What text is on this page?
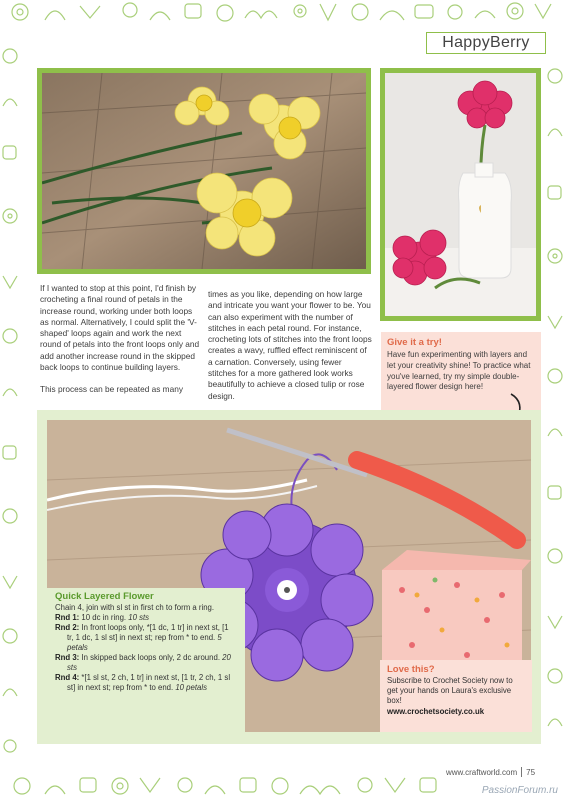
HappyBerry

If I wanted to stop at this point, I'd finish by crocheting a final round of petals in the increase round, working under both loops as normal. Alternatively, I could split the 'V-shaped' loops again and work the next round of petals into the front loops only and add another increase round in the skipped back loops to continue building layers.

This process can be repeated as many

times as you like, depending on how large and intricate you want your flower to be. You can also experiment with the number of stitches in each petal round. For instance, crocheting lots of stitches into the front loops creates a wavy, ruffled effect reminiscent of a carnation. Conversely, using fewer stitches for a more gathered look works beautifully to achieve a closed tulip or rose design.

Give it a try!

Have fun experimenting with layers and let your creativity shine! To practice what you've learned, try my simple double-layered flower design here!

Quick Layered Flower
Chain 4, join with sl st in first ch to form a ring.
Rnd 1: 10 dc in ring. 10 sts
Rnd 2: In front loops only, *[1 dc, 1 tr] in next st, [1 tr, 1 dc, 1 sl st] in next st; rep from * to end. 5 petals
Rnd 3: In skipped back loops only, 2 dc around. 20 sts
Rnd 4: *[1 sl st, 2 ch, 1 tr] in next st, [1 tr, 2 ch, 1 sl st] in next st; rep from * to end. 10 petals
Love this?

Subscribe to Crochet Society now to get your hands on Laura's exclusive box!

www.crochetsociety.co.uk

www.craftworld.com 75
PassionForum.ru
